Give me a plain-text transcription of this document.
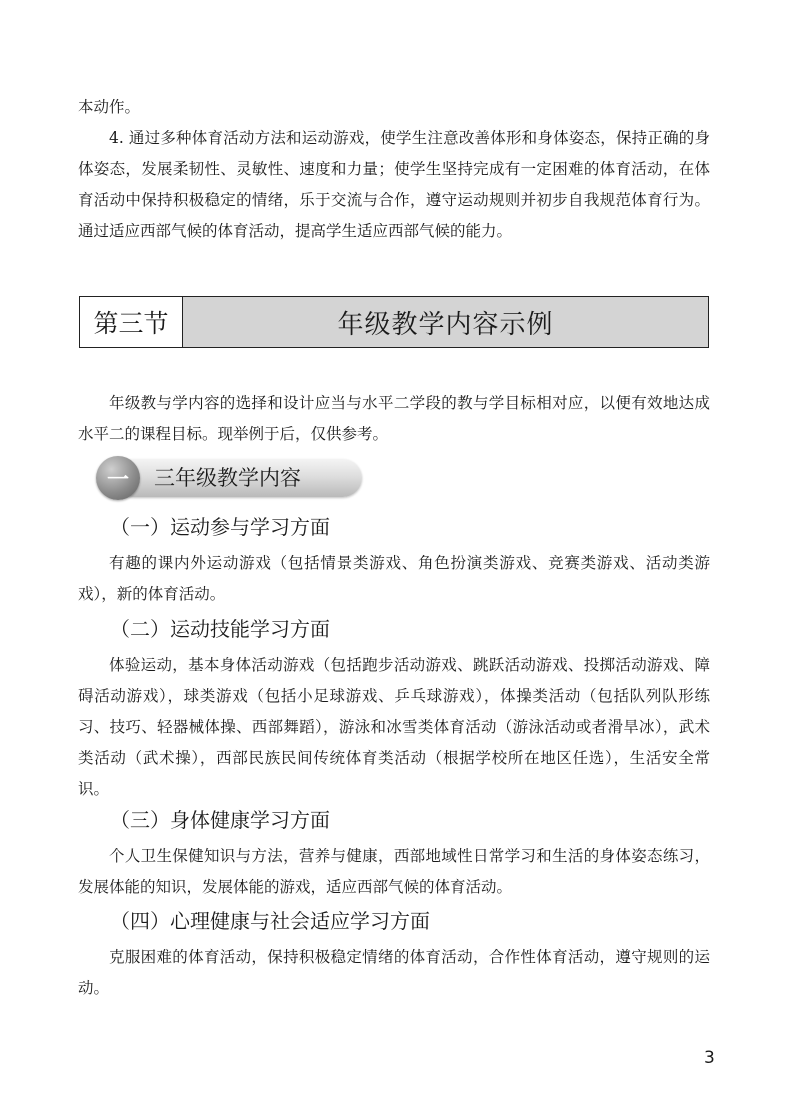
本动作。

4. 通过多种体育活动方法和运动游戏，使学生注意改善体形和身体姿态，保持正确的身体姿态，发展柔韧性、灵敏性、速度和力量；使学生坚持完成有一定困难的体育活动，在体育活动中保持积极稳定的情绪，乐于交流与合作，遵守运动规则并初步自我规范体育行为。通过适应西部气候的体育活动，提高学生适应西部气候的能力。

第三节	年级教学内容示例

年级教与学内容的选择和设计应当与水平二学段的教与学目标相对应，以便有效地达成水平二的课程目标。现举例于后，仅供参考。

一	三年级教学内容

（一）运动参与学习方面

有趣的课内外运动游戏（包括情景类游戏、角色扮演类游戏、竞赛类游戏、活动类游戏），新的体育活动。

（二）运动技能学习方面

体验运动，基本身体活动游戏（包括跑步活动游戏、跳跃活动游戏、投掷活动游戏、障碍活动游戏），球类游戏（包括小足球游戏、乒乓球游戏），体操类活动（包括队列队形练习、技巧、轻器械体操、西部舞蹈），游泳和冰雪类体育活动（游泳活动或者滑旱冰），武术类活动（武术操），西部民族民间传统体育类活动（根据学校所在地区任选），生活安全常识。

（三）身体健康学习方面

个人卫生保健知识与方法，营养与健康，西部地域性日常学习和生活的身体姿态练习，发展体能的知识，发展体能的游戏，适应西部气候的体育活动。

（四）心理健康与社会适应学习方面

克服困难的体育活动，保持积极稳定情绪的体育活动，合作性体育活动，遵守规则的运动。

3
